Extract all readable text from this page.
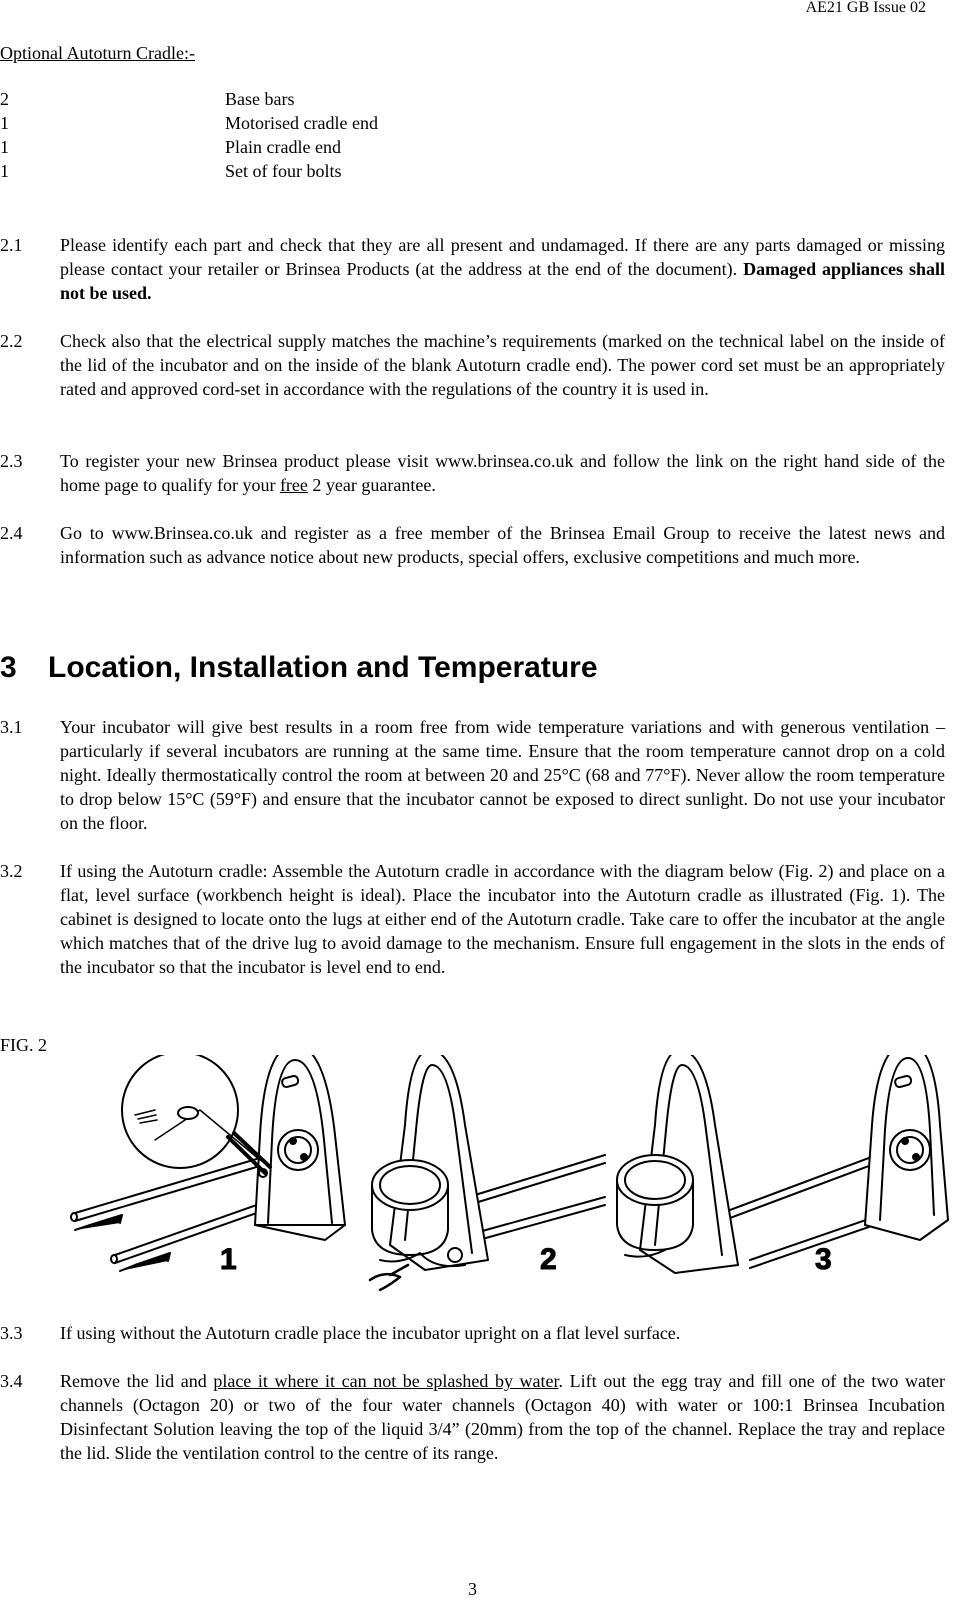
AE21 GB Issue 02
Optional Autoturn Cradle:-
2	Base bars
1	Motorised cradle end
1	Plain cradle end
1	Set of four bolts
2.1 Please identify each part and check that they are all present and undamaged. If there are any parts damaged or missing please contact your retailer or Brinsea Products (at the address at the end of the document). Damaged appliances shall not be used.
2.2 Check also that the electrical supply matches the machine’s requirements (marked on the technical label on the inside of the lid of the incubator and on the inside of the blank Autoturn cradle end). The power cord set must be an appropriately rated and approved cord-set in accordance with the regulations of the country it is used in.
2.3 To register your new Brinsea product please visit www.brinsea.co.uk and follow the link on the right hand side of the home page to qualify for your free 2 year guarantee.
2.4 Go to www.Brinsea.co.uk and register as a free member of the Brinsea Email Group to receive the latest news and information such as advance notice about new products, special offers, exclusive competitions and much more.
3 Location, Installation and Temperature
3.1 Your incubator will give best results in a room free from wide temperature variations and with generous ventilation – particularly if several incubators are running at the same time. Ensure that the room temperature cannot drop on a cold night. Ideally thermostatically control the room at between 20 and 25°C (68 and 77°F). Never allow the room temperature to drop below 15°C (59°F) and ensure that the incubator cannot be exposed to direct sunlight. Do not use your incubator on the floor.
3.2 If using the Autoturn cradle: Assemble the Autoturn cradle in accordance with the diagram below (Fig. 2) and place on a flat, level surface (workbench height is ideal). Place the incubator into the Autoturn cradle as illustrated (Fig. 1). The cabinet is designed to locate onto the lugs at either end of the Autoturn cradle. Take care to offer the incubator at the angle which matches that of the drive lug to avoid damage to the mechanism. Ensure full engagement in the slots in the ends of the incubator so that the incubator is level end to end.
FIG. 2
1	2	3
3.3 If using without the Autoturn cradle place the incubator upright on a flat level surface.
3.4 Remove the lid and place it where it can not be splashed by water. Lift out the egg tray and fill one of the two water channels (Octagon 20) or two of the four water channels (Octagon 40) with water or 100:1 Brinsea Incubation Disinfectant Solution leaving the top of the liquid 3/4” (20mm) from the top of the channel. Replace the tray and replace the lid. Slide the ventilation control to the centre of its range.
3
